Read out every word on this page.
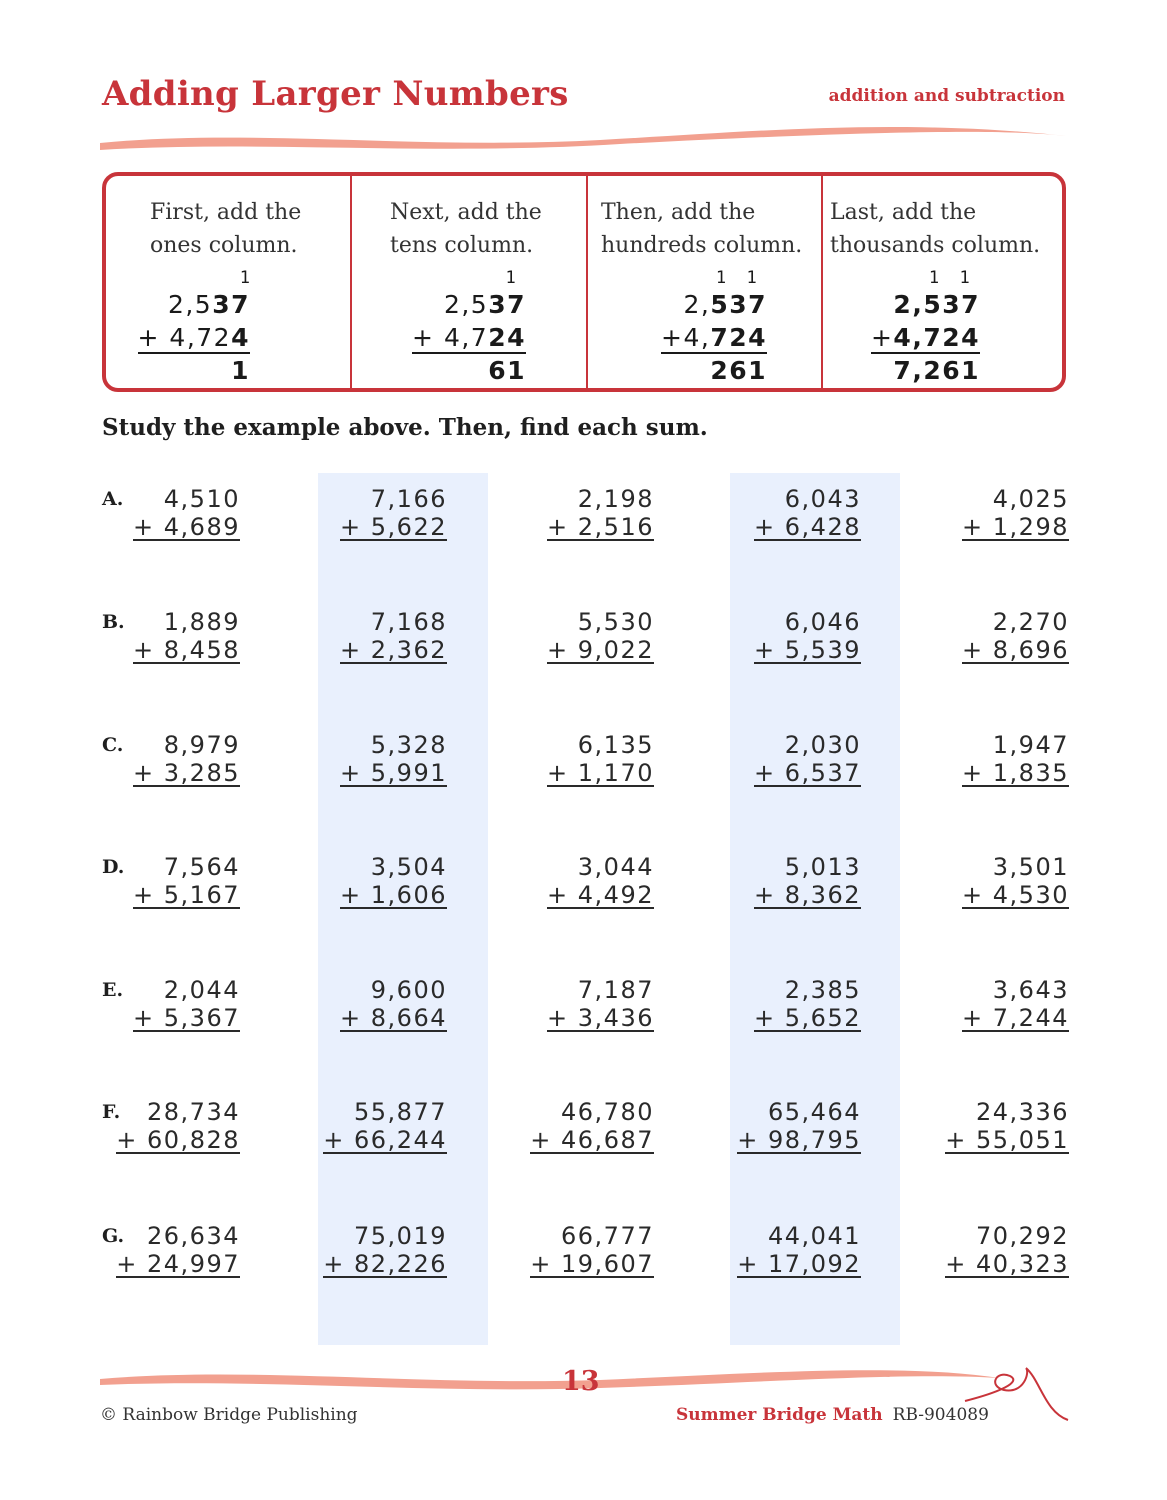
Adding Larger Numbers	addition and subtraction
First, add the
ones column.
1
2,537
+ 4,724
1
Next, add the
tens column.
1
2,537
+ 4,724
61
Then, add the
hundreds column.
1  1
2,537
+4,724
261
Last, add the
thousands column.
1  1
2,537
+4,724
7,261
Study the example above. Then, find each sum.
A.	4,510
+ 4,689
7,166
+ 5,622
2,198
+ 2,516
6,043
+ 6,428
4,025
+ 1,298
B.	1,889
+ 8,458
7,168
+ 2,362
5,530
+ 9,022
6,046
+ 5,539
2,270
+ 8,696
C.	8,979
+ 3,285
5,328
+ 5,991
6,135
+ 1,170
2,030
+ 6,537
1,947
+ 1,835
D.	7,564
+ 5,167
3,504
+ 1,606
3,044
+ 4,492
5,013
+ 8,362
3,501
+ 4,530
E.	2,044
+ 5,367
9,600
+ 8,664
7,187
+ 3,436
2,385
+ 5,652
3,643
+ 7,244
F.	28,734
+ 60,828
55,877
+ 66,244
46,780
+ 46,687
65,464
+ 98,795
24,336
+ 55,051
G. 26,634
+ 24,997
75,019
+ 82,226
66,777
+ 19,607
44,041
+ 17,092
70,292
+ 40,323
13
© Rainbow Bridge Publishing	Summer Bridge Math RB-904089
